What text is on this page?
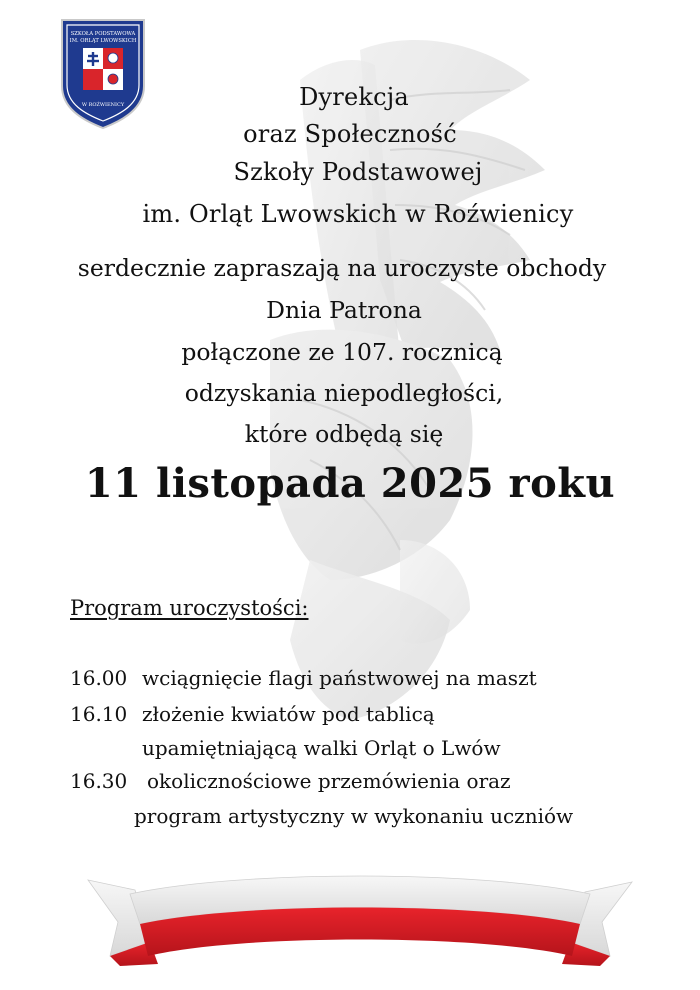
SZKOŁA PODSTAWOWA
IM. ORLĄT LWOWSKICH
W ROŹWIENICY	Dyrekcja
oraz Społeczność
Szkoły Podstawowej
im. Orląt Lwowskich w Roźwienicy
serdecznie zapraszają na uroczyste obchody
Dnia Patrona
połączone ze 107. rocznicą
odzyskania niepodległości,
które odbędą się
11 listopada 2025 roku
Program uroczystości:
16.00 wciągnięcie flagi państwowej na maszt
16.10 złożenie kwiatów pod tablicą
upamiętniającą walki Orląt o Lwów
16.30 okolicznościowe przemówienia oraz
program artystyczny w wykonaniu uczniów
